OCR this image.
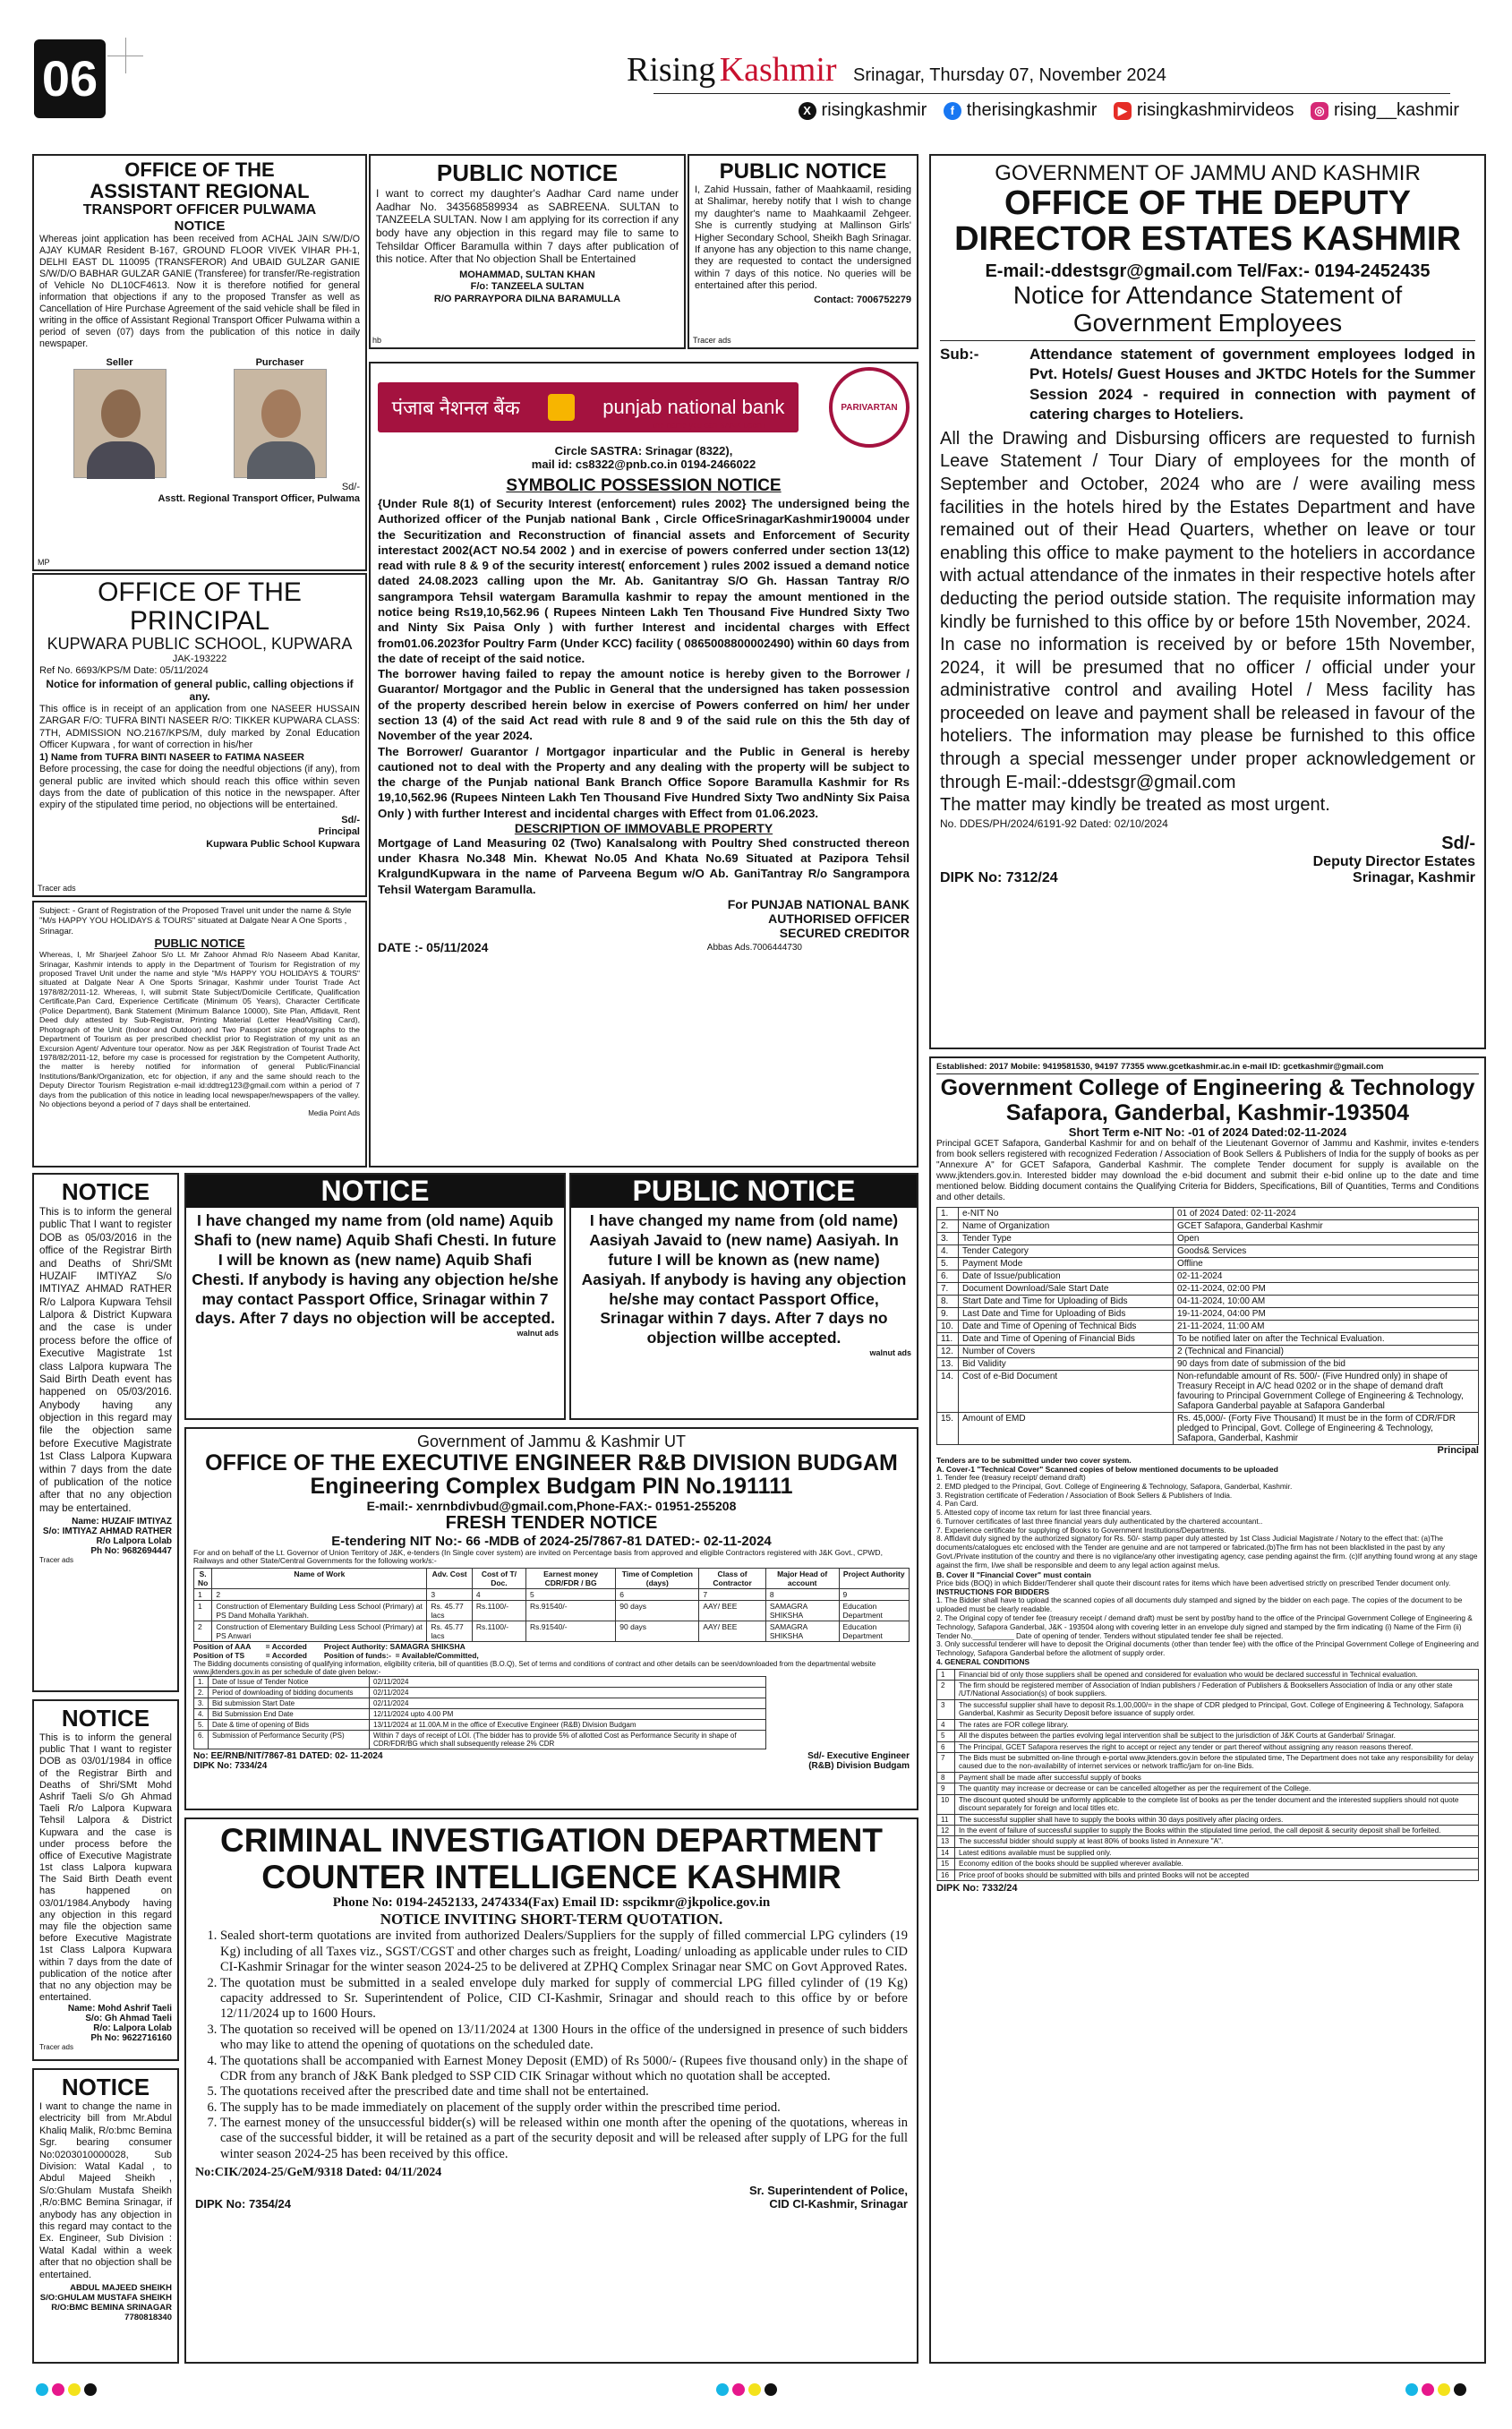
06	Rising Kashmir Srinagar, Thursday 07, November 2024
X risingkashmir
	f therisingkashmir
	▶ risingkashmirvideos
	◎ rising__kashmir
OFFICE OF THE
ASSISTANT REGIONAL
TRANSPORT OFFICER PULWAMA
NOTICE
Whereas joint application has been received from ACHAL JAIN S/W/D/O AJAY KUMAR Resident B-167, GROUND FLOOR VIVEK VIHAR PH-1, DELHI EAST DL 110095 (TRANSFEROR) And UBAID GULZAR GANIE S/W/D/O BABHAR GULZAR GANIE (Transferee) for transfer/Re-registration of Vehicle No DL10CF4613. Now it is therefore notified for general information that objections if any to the proposed Transfer as well as Cancellation of Hire Purchase Agreement of the said vehicle shall be filed in writing in the office of Assistant Regional Transport Officer Pulwama within a period of seven (07) days from the publication of this notice in daily newspaper.
Seller	Purchaser
Sd/-
Asstt. Regional Transport Officer, Pulwama
MP
PUBLIC NOTICE
I want to correct my daughter's Aadhar Card name under Aadhar No. 343568589934 as SABREENA. SULTAN to TANZEELA SULTAN. Now I am applying for its correction if any body have any objection in this regard may file to same to Tehsildar Officer Baramulla within 7 days after publication of this notice. After that No objection Shall be Entertained
MOHAMMAD, SULTAN KHAN
F/o: TANZEELA SULTAN
R/O PARRAYPORA DILNA BARAMULLA
hb
PUBLIC NOTICE
I, Zahid Hussain, father of Maahkaamil, residing at Shalimar, hereby notify that I wish to change my daughter's name to Maahkaamil Zehgeer. She is currently studying at Mallinson Girls' Higher Secondary School, Sheikh Bagh Srinagar. If anyone has any objection to this name change, they are requested to contact the undersigned within 7 days of this notice. No queries will be entertained after this period.
Contact: 7006752279
Tracer ads
GOVERNMENT OF JAMMU AND KASHMIR
OFFICE OF THE DEPUTY
DIRECTOR ESTATES KASHMIR
E-mail:-ddestsgr@gmail.com Tel/Fax:- 0194-2452435
Notice for Attendance Statement of
Government Employees
Sub:-	Attendance statement of government employees lodged in Pvt. Hotels/ Guest Houses and JKTDC Hotels for the Summer Session 2024 - required in connection with payment of catering charges to Hoteliers.
All the Drawing and Disbursing officers are requested to furnish Leave Statement / Tour Diary of employees for the month of September and October, 2024 who are / were availing mess facilities in the hotels hired by the Estates Department and have remained out of their Head Quarters, whether on leave or tour enabling this office to make payment to the hoteliers in accordance with actual attendance of the inmates in their respective hotels after deducting the period outside station. The requisite information may kindly be furnished to this office by or before 15th November, 2024.
In case no information is received by or before 15th November, 2024, it will be presumed that no officer / official under your administrative control and availing Hotel / Mess facility has proceeded on leave and payment shall be released in favour of the hoteliers. The information may please be furnished to this office through a special messenger under proper acknowledgement or through E-mail:-ddestsgr@gmail.com
The matter may kindly be treated as most urgent.
No. DDES/PH/2024/6191-92 Dated: 02/10/2024
Sd/-
Deputy Director Estates
DIPK No: 7312/24	Srinagar, Kashmir
OFFICE OF THE PRINCIPAL
KUPWARA PUBLIC SCHOOL, KUPWARA
JAK-193222
Ref No. 6693/KPS/M Date: 05/11/2024
Notice for information of general public, calling objections if any.
This office is in receipt of an application from one NASEER HUSSAIN ZARGAR F/O: TUFRA BINTI NASEER R/O: TIKKER KUPWARA CLASS: 7TH, ADMISSION NO.2167/KPS/M, duly marked by Zonal Education Officer Kupwara , for want of correction in his/her
1) Name from TUFRA BINTI NASEER to FATIMA NASEER
Before processing, the case for doing the needful objections (if any), from general public are invited which should reach this office within seven days from the date of publication of this notice in the newspaper. After expiry of the stipulated time period, no objections will be entertained.
Sd/-
Principal
Kupwara Public School Kupwara
Tracer ads
पंजाब नैशनल बैंक	punjab national bank	PARIVARTAN
...the name you can BANK upon !
Circle SASTRA: Srinagar (8322),
mail id: cs8322@pnb.co.in 0194-2466022
SYMBOLIC POSSESSION NOTICE
{Under Rule 8(1) of Security Interest (enforcement) rules 2002} The undersigned being the Authorized officer of the Punjab national Bank , Circle OfficeSrinagarKashmir190004 under the Securitization and Reconstruction of financial assets and Enforcement of Security interestact 2002(ACT NO.54 2002 ) and in exercise of powers conferred under section 13(12) read with rule 8 & 9 of the security interest( enforcement ) rules 2002 issued a demand notice dated 24.08.2023 calling upon the Mr. Ab. Ganitantray S/O Gh. Hassan Tantray R/O sangrampora Tehsil watergam Baramulla kashmir to repay the amount mentioned in the notice being Rs19,10,562.96 ( Rupees Ninteen Lakh Ten Thousand Five Hundred Sixty Two and Ninty Six Paisa Only ) with further Interest and incidental charges with Effect from01.06.2023for Poultry Farm (Under KCC) facility ( 0865008800002490) within 60 days from the date of receipt of the said notice.
The borrower having failed to repay the amount notice is hereby given to the Borrower / Guarantor/ Mortgagor and the Public in General that the undersigned has taken possession of the property described herein below in exercise of Powers conferred on him/ her under section 13 (4) of the said Act read with rule 8 and 9 of the said rule on this the 5th day of November of the year 2024.
The Borrower/ Guarantor / Mortgagor inparticular and the Public in General is hereby cautioned not to deal with the Property and any dealing with the property will be subject to the charge of the Punjab national Bank Branch Office Sopore Baramulla Kashmir for Rs 19,10,562.96 (Rupees Ninteen Lakh Ten Thousand Five Hundred Sixty Two andNinty Six Paisa Only ) with further Interest and incidental charges with Effect from 01.06.2023.
DESCRIPTION OF IMMOVABLE PROPERTY
Mortgage of Land Measuring 02 (Two) Kanalsalong with Poultry Shed constructed thereon under Khasra No.348 Min. Khewat No.05 And Khata No.69 Situated at Pazipora Tehsil KralgundKupwara in the name of Parveena Begum w/O Ab. GaniTantray R/o Sangrampora Tehsil Watergam Baramulla.
For PUNJAB NATIONAL BANK
AUTHORISED OFFICER
SECURED CREDITOR
DATE :- 05/11/2024	Abbas Ads.7006444730
Subject: - Grant of Registration of the Proposed Travel unit under the name & Style "M/s HAPPY YOU HOLIDAYS & TOURS" situated at Dalgate Near A One Sports , Srinagar.
PUBLIC NOTICE
Whereas, I, Mr Sharjeel Zahoor S/o Lt. Mr Zahoor Ahmad R/o Naseem Abad Kanitar, Srinagar, Kashmir intends to apply in the Department of Tourism for Registration of my proposed Travel Unit under the name and style "M/s HAPPY YOU HOLIDAYS & TOURS" situated at Dalgate Near A One Sports Srinagar, Kashmir under Tourist Trade Act 1978/82/2011-12. Whereas, I, will submit State Subject/Domicile Certificate, Qualification Certificate,Pan Card, Experience Certificate (Minimum 05 Years), Character Certificate (Police Department), Bank Statement (Minimum Balance 10000), Site Plan, Affidavit, Rent Deed duly attested by Sub-Registrar, Printing Material (Letter Head/Visiting Card), Photograph of the Unit (Indoor and Outdoor) and Two Passport size photographs to the Department of Tourism as per prescribed checklist prior to Registration of my unit as an Excursion Agent/ Adventure tour operator. Now as per J&K Registration of Tourist Trade Act 1978/82/2011-12, before my case is processed for registration by the Competent Authority, the matter is hereby notified for information of general Public/Financial Institutions/Bank/Organization, etc for objection, if any and the same should reach to the Deputy Director Tourism Registration e-mail id:ddtreg123@gmail.com within a period of 7 days from the publication of this notice in leading local newspaper/newspapers of the valley. No objections beyond a period of 7 days shall be entertained.
Media Point Ads
NOTICE
This is to inform the general public That I want to register DOB as 05/03/2016 in the office of the Registrar Birth and Deaths of Shri/SMt HUZAIF IMTIYAZ S/o IMTIYAZ AHMAD RATHER R/o Lalpora Kupwara Tehsil Lalpora & District Kupwara and the case is under process before the office of Executive Magistrate 1st class Lalpora kupwara The Said Birth Death event has happened on 05/03/2016. Anybody having any objection in this regard may file the objection same before Executive Magistrate 1st Class Lalpora Kupwara within 7 days from the date of publication of the notice after that no any objection may be entertained.
Name: HUZAIF IMTIYAZ
S/o: IMTIYAZ AHMAD RATHER
R/o Lalpora Lolab
Ph No: 9682694447
Tracer ads
NOTICE
This is to inform the general public That I want to register DOB as 03/01/1984 in office of the Registrar Birth and Deaths of Shri/SMt Mohd Ashrif Taeli S/o Gh Ahmad Taeli R/o Lalpora Kupwara Tehsil Lalpora & District Kupwara and the case is under process before the office of Executive Magistrate 1st class Lalpora kupwara The Said Birth Death event has happened on 03/01/1984.Anybody having any objection in this regard may file the objection same before Executive Magistrate 1st Class Lalpora Kupwara within 7 days from the date of publication of the notice after that no any objection may be entertained.
Name: Mohd Ashrif Taeli
S/o: Gh Ahmad Taeli
R/o: Lalpora Lolab
Ph No: 9622716160
Tracer ads
NOTICE
I want to change the name in electricity bill from Mr.Abdul Khaliq Malik, R/o:bmc Bemina Sgr. bearing consumer No:0203010000028, Sub Division: Watal Kadal , to Abdul Majeed Sheikh , S/o:Ghulam Mustafa Sheikh ,R/o:BMC Bemina Srinagar, if anybody has any objection in this regard may contact to the Ex. Engineer, Sub Division : Watal Kadal within a week after that no objection shall be entertained.
ABDUL MAJEED SHEIKH
S/O:GHULAM MUSTAFA SHEIKH
R/O:BMC BEMINA SRINAGAR
7780818340
NOTICE
I have changed my name from (old name) Aquib Shafi to (new name) Aquib Shafi Chesti. In future I will be known as (new name) Aquib Shafi Chesti. If anybody is having any objection he/she may contact Passport Office, Srinagar within 7 days. After 7 days no objection will be accepted.
walnut ads
PUBLIC NOTICE
I have changed my name from (old name) Aasiyah Javaid to (new name) Aasiyah. In future I will be known as (new name) Aasiyah. If anybody is having any objection he/she may contact Passport Office, Srinagar within 7 days. After 7 days no objection willbe accepted.
walnut ads
Government of Jammu & Kashmir UT
OFFICE OF THE EXECUTIVE ENGINEER R&B DIVISION BUDGAM
Engineering Complex Budgam PIN No.191111
E-mail:- xenrnbdivbud@gmail.com,Phone-FAX:- 01951-255208
FRESH TENDER NOTICE
E-tendering NIT No:- 66 -MDB of 2024-25/7867-81 DATED:- 02-11-2024
For and on behalf of the Lt. Governor of Union Territory of J&K, e-tenders (In Single cover system) are invited on Percentage basis from approved and eligible Contractors registered with J&K Govt., CPWD, Railways and other State/Central Governments for the following work/s:-
S. No	Name of Work	Adv. Cost	Cost of T/ Doc.	Earnest money CDR/FDR / BG	Time of Completion (days)	Class of Contractor	Major Head of account	Project Authority
1	2	3	4	5	6	7	8	9
1	Construction of Elementary Building Less School (Primary) at PS Dand Mohalla Yarikhah.	Rs. 45.77 lacs	Rs.1100/-	Rs.91540/-	90 days	AAY/ BEE	SAMAGRA SHIKSHA	Education Department
2	Construction of Elementary Building Less School (Primary) at PS Anwari	Rs. 45.77 lacs	Rs.1100/-	Rs.91540/-	90 days	AAY/ BEE	SAMAGRA SHIKSHA	Education Department
Position of AAA       = Accorded        Project Authority: SAMAGRA SHIKSHA
Position of TS          = Accorded        Position of funds:-  = Available/Committed,
The Bidding documents consisting of qualifying information, eligibility criteria, bill of quantities (B.O.Q), Set of terms and conditions of contract and other details can be seen/downloaded from the departmental website www.jktenders.gov.in as per schedule of date given below:-
1.	Date of Issue of Tender Notice	02/11/2024
2.	Period of downloading of bidding documents	02/11/2024
3.	Bid submission Start Date	02/11/2024
4.	Bid Submission End Date	12/11/2024 upto 4.00 PM
5.	Date & time of opening of Bids	13/11/2024 at 11.00A.M in the office of Executive Engineer (R&B) Division Budgam
6.	Submission of Performance Security (PS)	Within 7 days of receipt of LOI. (The bidder has to provide 5% of allotted Cost as Performance Security in shape of CDR/FDR/BG which shall subsequently release 2% CDR
No: EE/RNB/NIT/7867-81 DATED: 02- 11-2024
DIPK No: 7334/24
Sd/- Executive Engineer
(R&B) Division Budgam
CRIMINAL INVESTIGATION DEPARTMENT
COUNTER INTELLIGENCE KASHMIR
Phone No: 0194-2452133, 2474334(Fax) Email ID: sspcikmr@jkpolice.gov.in
NOTICE INVITING SHORT-TERM QUOTATION.
1. Sealed short-term quotations are invited from authorized Dealers/Suppliers for the supply of filled commercial LPG cylinders (19 Kg) including of all Taxes viz., SGST/CGST and other charges such as freight, Loading/ unloading as applicable under rules to CID CI-Kashmir Srinagar for the winter season 2024-25 to be delivered at ZPHQ Complex Srinagar near SMC on Govt Approved Rates.
2. The quotation must be submitted in a sealed envelope duly marked for supply of commercial LPG filled cylinder of (19 Kg) capacity addressed to Sr. Superintendent of Police, CID CI-Kashmir, Srinagar and should reach to this office by or before 12/11/2024 up to 1600 Hours.
3. The quotation so received will be opened on 13/11/2024 at 1300 Hours in the office of the undersigned in presence of such bidders who may like to attend the opening of quotations on the scheduled date.
4. The quotations shall be accompanied with Earnest Money Deposit (EMD) of Rs 5000/- (Rupees five thousand only) in the shape of CDR from any branch of J&K Bank pledged to SSP CID CIK Srinagar without which no quotation shall be accepted.
5. The quotations received after the prescribed date and time shall not be entertained.
6. The supply has to be made immediately on placement of the supply order within the prescribed time period.
7. The earnest money of the unsuccessful bidder(s) will be released within one month after the opening of the quotations, whereas in case of the successful bidder, it will be retained as a part of the security deposit and will be released after supply of LPG for the full winter season 2024-25 has been received by this office.
No:CIK/2024-25/GeM/9318 Dated: 04/11/2024
DIPK No: 7354/24
Sr. Superintendent of Police,
CID CI-Kashmir, Srinagar
Established: 2017 Mobile: 9419581530, 94197 77355 www.gcetkashmir.ac.in e-mail ID: gcetkashmir@gmail.com
Government College of Engineering & Technology
Safapora, Ganderbal, Kashmir-193504
Short Term e-NIT No: -01 of 2024 Dated:02-11-2024
Principal GCET Safapora, Ganderbal Kashmir for and on behalf of the Lieutenant Governor of Jammu and Kashmir, invites e-tenders from book sellers registered with recognized Federation / Association of Book Sellers & Publishers of India for the supply of books as per "Annexure A" for GCET Safapora, Ganderbal Kashmir. The complete Tender document for supply is available on the www.jktenders.gov.in. Interested bidder may download the e-bid document and submit their e-bid online up to the date and time mentioned below. Bidding document contains the Qualifying Criteria for Bidders, Specifications, Bill of Quantities, Terms and Conditions and other details.
1.	e-NIT No	01 of 2024 Dated: 02-11-2024
2.	Name of Organization	GCET Safapora, Ganderbal Kashmir
3.	Tender Type	Open
4.	Tender Category	Goods& Services
5.	Payment Mode	Offline
6.	Date of Issue/publication	02-11-2024
7.	Document Download/Sale Start Date	02-11-2024, 02:00 PM
8.	Start Date and Time for Uploading of Bids	04-11-2024, 10:00 AM
9.	Last Date and Time for Uploading of Bids	19-11-2024, 04:00 PM
10.	Date and Time of Opening of Technical Bids	21-11-2024, 11:00 AM
11.	Date and Time of Opening of Financial Bids	To be notified later on after the Technical Evaluation.
12.	Number of Covers	2 (Technical and Financial)
13.	Bid Validity	90 days from date of submission of the bid
14.	Cost of e-Bid Document	Non-refundable amount of Rs. 500/- (Five Hundred only) in shape of Treasury Receipt in A/C head 0202 or in the shape of demand draft favouring to Principal Government College of Engineering & Technology, Safapora Ganderbal payable at Safapora Ganderbal
15.	Amount of EMD	Rs. 45,000/- (Forty Five Thousand) It must be in the form of CDR/FDR pledged to Principal, Govt. College of Engineering & Technology, Safapora, Ganderbal, Kashmir
Principal
Tenders are to be submitted under two cover system.
A. Cover-1 "Technical Cover" Scanned copies of below mentioned documents to be uploaded
1. Tender fee (treasury receipt/ demand draft)
2. EMD pledged to the Principal, Govt. College of Engineering & Technology, Safapora, Ganderbal, Kashmir.
3. Registration certificate of Federation / Association of Book Sellers & Publishers of India.
4. Pan Card.
5. Attested copy of income tax return for last three financial years.
6. Turnover certificates of last three financial years duly authenticated by the chartered accountant..
7. Experience certificate for supplying of Books to Government Institutions/Departments.
8. Affidavit duly signed by the authorized signatory for Rs. 50/- stamp paper duly attested by 1st Class Judicial Magistrate / Notary to the effect that: (a)The documents/catalogues etc enclosed with the Tender are genuine and are not tampered or fabricated.(b)The firm has not been blacklisted in the past by any Govt./Private institution of the country and there is no vigilance/any other investigating agency, case pending against the firm. (c)If anything found wrong at any stage against the firm, I/we shall be responsible and deem to any legal action against me/us.
B. Cover II "Financial Cover" must contain
Price bids (BOQ) in which Bidder/Tenderer shall quote their discount rates for items which have been advertised strictly on prescribed Tender document only.
INSTRUCTIONS FOR BIDDERS
1. The Bidder shall have to upload the scanned copies of all documents duly stamped and signed by the bidder on each page. The copies of the document to be uploaded must be clearly readable.
2. The Original copy of tender fee (treasury receipt / demand draft) must be sent by post/by hand to the office of the Principal Government College of Engineering & Technology, Safapora Ganderbal, J&K - 193504 along with covering letter in an envelope duly signed and stamped by the firm indicating (i) Name of the Firm (ii) Tender No.__________ Date of opening of tender. Tenders without stipulated tender fee shall be rejected.
3. Only successful tenderer will have to deposit the Original documents (other than tender fee) with the office of the Principal Government College of Engineering and Technology, Safapora Ganderbal before the allotment of supply order.
4. GENERAL CONDITIONS
1	Financial bid of only those suppliers shall be opened and considered for evaluation who would be declared successful in Technical evaluation.
2	The firm should be registered member of Association of Indian publishers / Federation of Publishers & Booksellers Association of India or any other state /UT/National Association(s) of book suppliers.
3	The successful supplier shall have to deposit Rs.1,00,000/= in the shape of CDR pledged to Principal, Govt. College of Engineering & Technology, Safapora Ganderbal, Kashmir as Security Deposit before issuance of supply order.
4	The rates are FOR college library.
5	All the disputes between the parties evolving legal intervention shall be subject to the jurisdiction of J&K Courts at Ganderbal/ Srinagar.
6	The Principal, GCET Safapora reserves the right to accept or reject any tender or part thereof without assigning any reason reasons thereof.
7	The Bids must be submitted on-line through e-portal www.jktenders.gov.in before the stipulated time, The Department does not take any responsibility for delay caused due to the non-availability of internet services or network traffic/jam for on-line Bids.
8	Payment shall be made after successful supply of books
9	The quantity may increase or decrease or can be cancelled altogether as per the requirement of the College.
10	The discount quoted should be uniformly applicable to the complete list of books as per the tender document and the interested suppliers should not quote discount separately for foreign and local titles etc.
11	The successful supplier shall have to supply the books within 30 days positively after placing orders.
12	In the event of failure of successful supplier to supply the Books within the stipulated time period, the call deposit & security deposit shall be forfeited.
13	The successful bidder should supply at least 80% of books listed in Annexure "A".
14	Latest editions available must be supplied only.
15	Economy edition of the books should be supplied wherever available.
16	Price proof of books should be submitted with bills and printed Books will not be accepted
DIPK No: 7332/24
